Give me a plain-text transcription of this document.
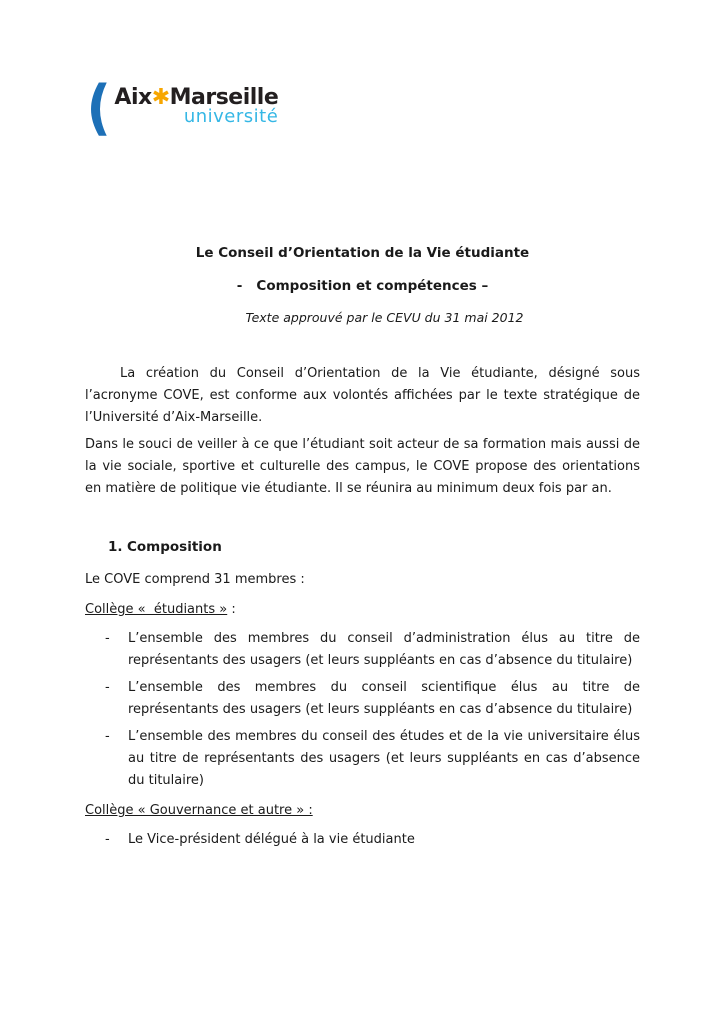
( Aix✱Marseille
université
Le Conseil d’Orientation de la Vie étudiante
-   Composition et compétences –
Texte approuvé par le CEVU du 31 mai 2012

La création du Conseil d’Orientation de la Vie étudiante, désigné sous l’acronyme COVE, est conforme aux volontés affichées par le texte stratégique de l’Université d’Aix-Marseille.

Dans le souci de veiller à ce que l’étudiant soit acteur de sa formation mais aussi de la vie sociale, sportive et culturelle des campus, le COVE propose des orientations en matière de politique vie étudiante. Il se réunira au minimum deux fois par an.

1. Composition
Le COVE comprend 31 membres :
Collège «  étudiants » :
-	L’ensemble des membres du conseil d’administration élus au titre de représentants des usagers (et leurs suppléants en cas d’absence du titulaire)
-	L’ensemble des membres du conseil scientifique élus au titre de représentants des usagers (et leurs suppléants en cas d’absence du titulaire)
-	L’ensemble des membres du conseil des études et de la vie universitaire élus au titre de représentants des usagers (et leurs suppléants en cas d’absence du titulaire)
Collège « Gouvernance et autre » :
-	Le Vice-président délégué à la vie étudiante
